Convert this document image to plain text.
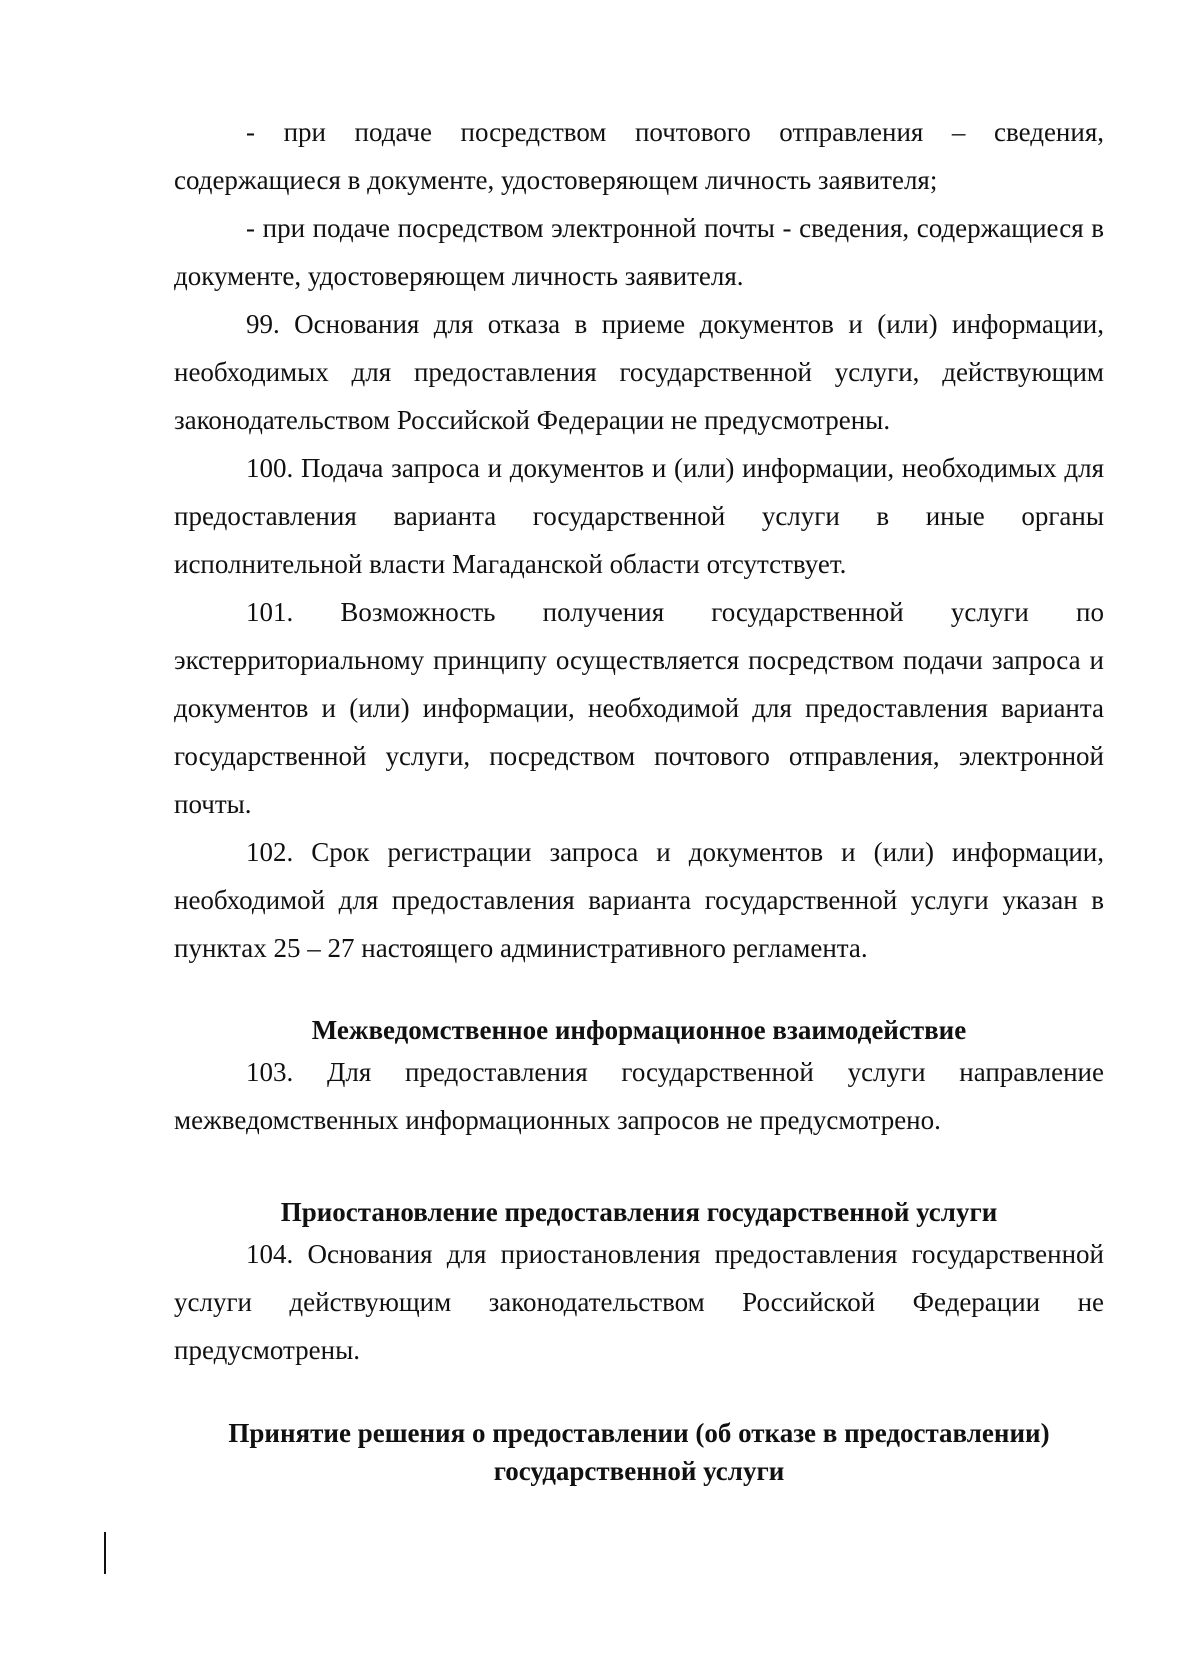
- при подаче посредством почтового отправления – сведения, содержащиеся в документе, удостоверяющем личность заявителя;

- при подаче посредством электронной почты - сведения, содержащиеся в документе, удостоверяющем личность заявителя.

99. Основания для отказа в приеме документов и (или) информации, необходимых для предоставления государственной услуги, действующим законодательством Российской Федерации не предусмотрены.

100. Подача запроса и документов и (или) информации, необходимых для предоставления варианта государственной услуги в иные органы исполнительной власти Магаданской области отсутствует.

101. Возможность получения государственной услуги по экстерриториальному принципу осуществляется посредством подачи запроса и документов и (или) информации, необходимой для предоставления варианта государственной услуги, посредством почтового отправления, электронной почты.

102. Срок регистрации запроса и документов и (или) информации, необходимой для предоставления варианта государственной услуги указан в пунктах 25 – 27 настоящего административного регламента.

Межведомственное информационное взаимодействие

103. Для предоставления государственной услуги направление межведомственных информационных запросов не предусмотрено.

Приостановление предоставления государственной услуги

104. Основания для приостановления предоставления государственной услуги действующим законодательством Российской Федерации не предусмотрены.

Принятие решения о предоставлении (об отказе в предоставлении)
государственной услуги
